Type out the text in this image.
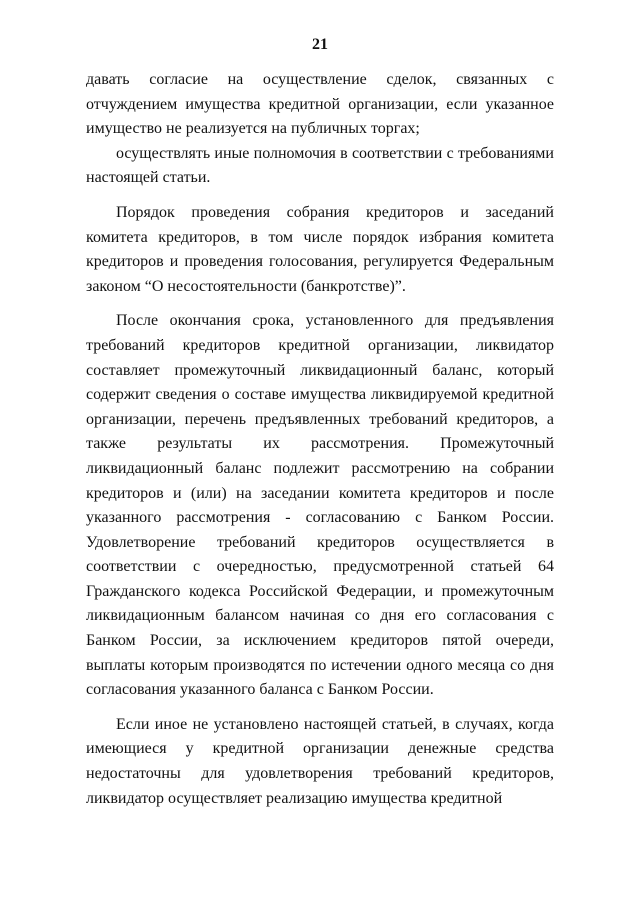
21

давать согласие на осуществление сделок, связанных с отчуждением имущества кредитной организации, если указанное имущество не реализуется на публичных торгах;

осуществлять иные полномочия в соответствии с требованиями настоящей статьи.

Порядок проведения собрания кредиторов и заседаний комитета кредиторов, в том числе порядок избрания комитета кредиторов и проведения голосования, регулируется Федеральным законом “О несостоятельности (банкротстве)”.

После окончания срока, установленного для предъявления требований кредиторов кредитной организации, ликвидатор составляет промежуточный ликвидационный баланс, который содержит сведения о составе имущества ликвидируемой кредитной организации, перечень предъявленных требований кредиторов, а также результаты их рассмотрения. Промежуточный ликвидационный баланс подлежит рассмотрению на собрании кредиторов и (или) на заседании комитета кредиторов и после указанного рассмотрения - согласованию с Банком России. Удовлетворение требований кредиторов осуществляется в соответствии с очередностью, предусмотренной статьей 64 Гражданского кодекса Российской Федерации, и промежуточным ликвидационным балансом начиная со дня его согласования с Банком России, за исключением кредиторов пятой очереди, выплаты которым производятся по истечении одного месяца со дня согласования указанного баланса с Банком России.

Если иное не установлено настоящей статьей, в случаях, когда имеющиеся у кредитной организации денежные средства недостаточны для удовлетворения требований кредиторов, ликвидатор осуществляет реализацию имущества кредитной
